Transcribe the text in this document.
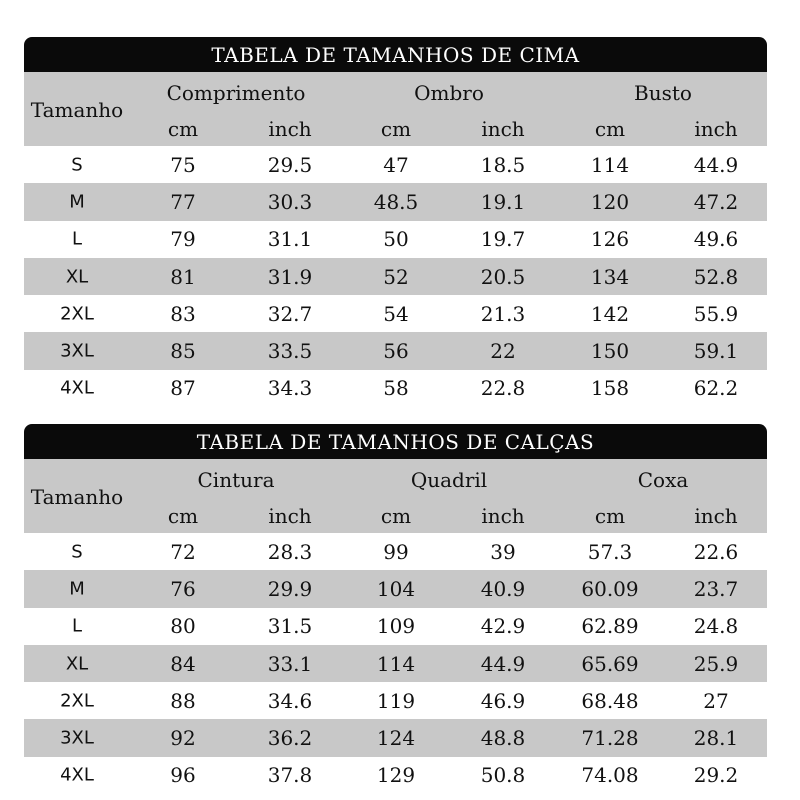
TABELA DE TAMANHOS DE CIMA
Tamanho
Comprimento	Ombro	Busto
cm	inch	cm	inch	cm	inch
S	75	29.5	47	18.5	114	44.9
M	77	30.3	48.5	19.1	120	47.2
L	79	31.1	50	19.7	126	49.6
XL	81	31.9	52	20.5	134	52.8
2XL	83	32.7	54	21.3	142	55.9
3XL	85	33.5	56	22	150	59.1
4XL	87	34.3	58	22.8	158	62.2
TABELA DE TAMANHOS DE CALÇAS
Tamanho
Cintura	Quadril	Coxa
cm	inch	cm	inch	cm	inch
S	72	28.3	99	39	57.3	22.6
M	76	29.9	104	40.9	60.09	23.7
L	80	31.5	109	42.9	62.89	24.8
XL	84	33.1	114	44.9	65.69	25.9
2XL	88	34.6	119	46.9	68.48	27
3XL	92	36.2	124	48.8	71.28	28.1
4XL	96	37.8	129	50.8	74.08	29.2
